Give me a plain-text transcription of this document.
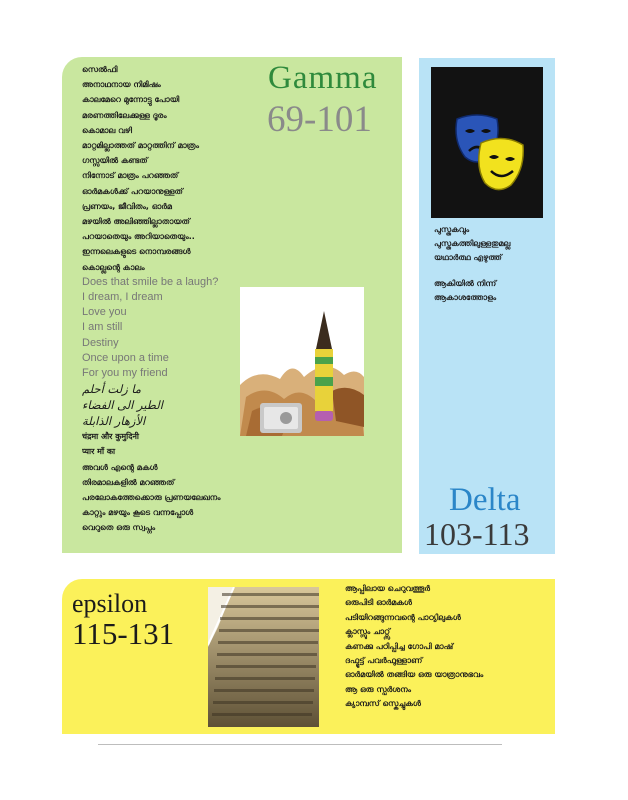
സെൽഫി
അനാഥനായ നിമിഷം
കാലമേറെ മുന്നോട്ടു പോയി
മരണത്തിലേക്കുള്ള ദൂരം
കൊമാല വഴി
മാറ്റമില്ലാത്തത് മാറ്റത്തിന് മാത്രം
ഗസ്സയിൽ കണ്ടത്
നിന്നോട് മാത്രം പറഞ്ഞത്
ഓർമകൾക്ക് പറയാനുള്ളത്
പ്രണയം, ജീവിതം, ഓർമ
മഴയിൽ അലിഞ്ഞില്ലാതായത്
പറയാതെയും അറിയാതെയും..
ഇന്നലെകളുടെ നൊമ്പരങ്ങൾ
കൊല്ലന്റെ കാലം
Does that smile be a laugh?
I dream, I dream
Love you
I am still
Destiny
Once upon a time
For you my friend
ما زلت أحلم
الطير الى الفضاء
الأزهار الذابلة
चंद्रमा और कुमुदिनी
प्यार माँ का
അവൾ എന്റെ മകൾ
തിരമാലകളിൽ മറഞ്ഞത്
പരലോകത്തേക്കൊരു പ്രണയലേഖനം
കാറ്റും മഴയും കൂടെ വന്നപ്പോൾ
വെറുതെ ഒരു സ്വപ്നം
Gamma
69-101
പുസ്തകവും
പുസ്തകത്തിലുള്ളതുമല്ല
യഥാർത്ഥ എഴുത്ത്
ആകിയിൽ നിന്ന്
ആകാശത്തോളം
Delta
103-113
epsilon
115-131
ആപ്പിലായ ചെറുവത്തൂർ
ഒരുപിടി ഓർമകൾ
പടിയിറങ്ങുന്നവന്റെ പാഠ്യിലുകൾ
ക്ലാസ്സും ചാറ്റ്സ്
കണക്കു പഠിപ്പിച്ച ഗോപി മാഷ്
ദഫ്മുട്ട് പവർഫുള്ളാണ്
ഓർമയിൽ തങ്ങിയ ഒരു യാത്രാനുഭവം
ആ ഒരു സ്പർശനം
ക്യാമ്പസ് സ്കെച്ചുകൾ
